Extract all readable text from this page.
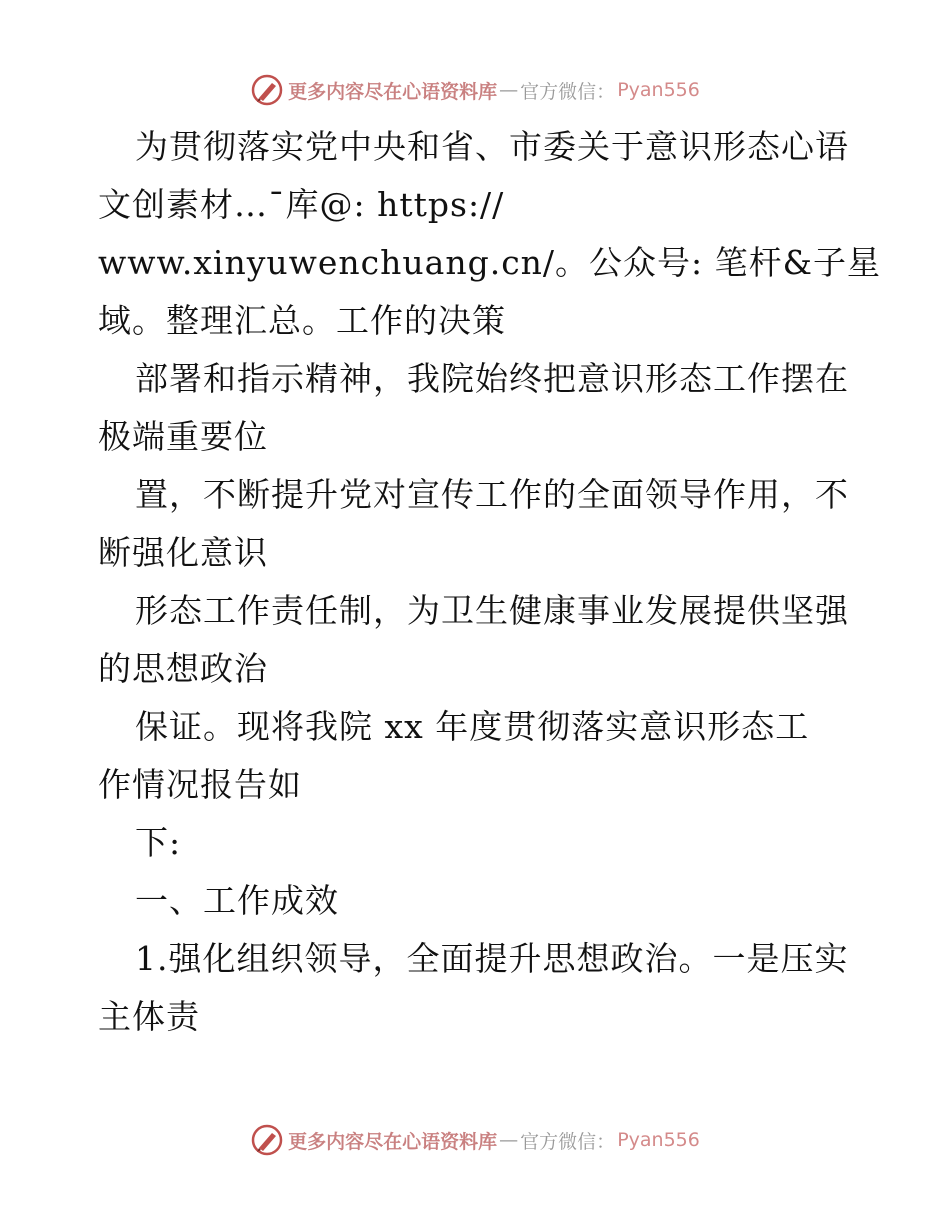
更多内容尽在心语资料库 — 官方微信： Pyan556
为贯彻落实党中央和省、市委关于意识形态心语
文创素材…¯库@: https://
www.xinyuwenchuang.cn/。公众号: 笔杆&子星
域。整理汇总。工作的决策
部署和指示精神，我院始终把意识形态工作摆在
极端重要位
置，不断提升党对宣传工作的全面领导作用，不
断强化意识
形态工作责任制，为卫生健康事业发展提供坚强
的思想政治
保证。现将我院 xx 年度贯彻落实意识形态工
作情况报告如
下:
一、工作成效
1.强化组织领导，全面提升思想政治。一是压实
主体责
更多内容尽在心语资料库 — 官方微信： Pyan556
